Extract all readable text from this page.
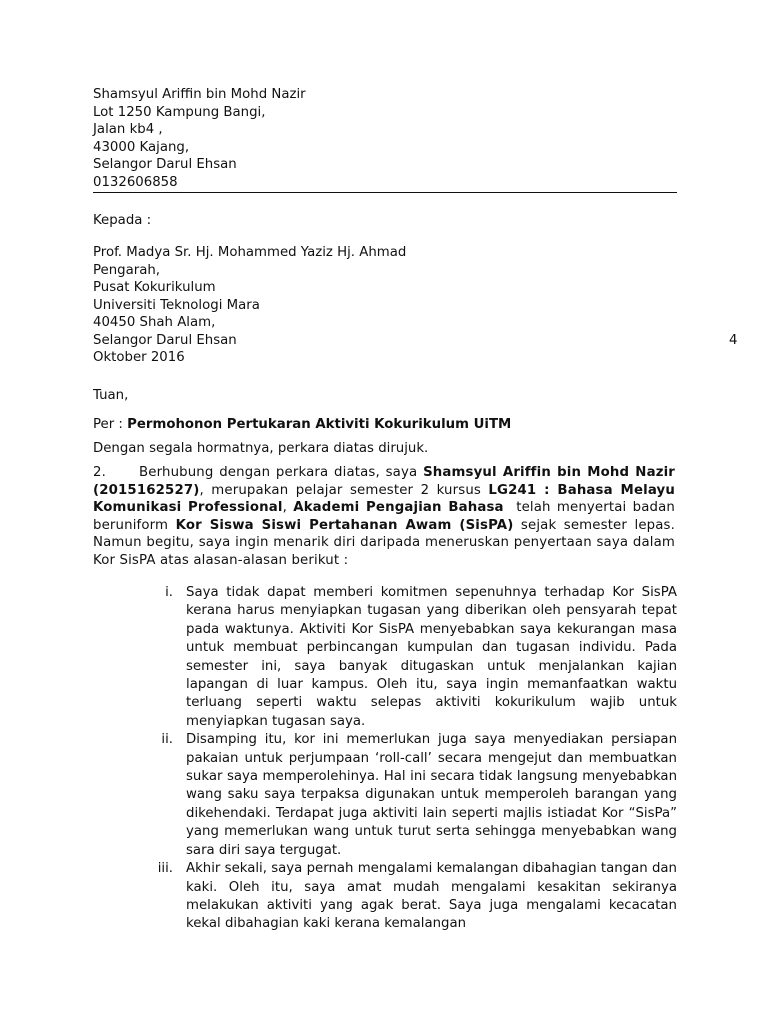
Shamsyul Ariffin bin Mohd Nazir
Lot 1250 Kampung Bangi,
Jalan kb4 ,
43000 Kajang,
Selangor Darul Ehsan
0132606858
Kepada :
Prof. Madya Sr. Hj. Mohammed Yaziz Hj. Ahmad
Pengarah,
Pusat Kokurikulum
Universiti Teknologi Mara
40450 Shah Alam,
Selangor Darul Ehsan	4
Oktober 2016
Tuan,
Per : Permohonon Pertukaran Aktiviti Kokurikulum UiTM
Dengan segala hormatnya, perkara diatas dirujuk.
2. Berhubung dengan perkara diatas, saya Shamsyul Ariffin bin Mohd Nazir (2015162527), merupakan pelajar semester 2 kursus LG241 : Bahasa Melayu Komunikasi Professional, Akademi Pengajian Bahasa telah menyertai badan beruniform Kor Siswa Siswi Pertahanan Awam (SisPA) sejak semester lepas. Namun begitu, saya ingin menarik diri daripada meneruskan penyertaan saya dalam Kor SisPA atas alasan-alasan berikut :
i. Saya tidak dapat memberi komitmen sepenuhnya terhadap Kor SisPA kerana harus menyiapkan tugasan yang diberikan oleh pensyarah tepat pada waktunya. Aktiviti Kor SisPA menyebabkan saya kekurangan masa untuk membuat perbincangan kumpulan dan tugasan individu. Pada semester ini, saya banyak ditugaskan untuk menjalankan kajian lapangan di luar kampus. Oleh itu, saya ingin memanfaatkan waktu terluang seperti waktu selepas aktiviti kokurikulum wajib untuk menyiapkan tugasan saya.
ii. Disamping itu, kor ini memerlukan juga saya menyediakan persiapan pakaian untuk perjumpaan ‘roll-call’ secara mengejut dan membuatkan sukar saya memperolehinya. Hal ini secara tidak langsung menyebabkan wang saku saya terpaksa digunakan untuk memperoleh barangan yang dikehendaki. Terdapat juga aktiviti lain seperti majlis istiadat Kor “SisPa” yang memerlukan wang untuk turut serta sehingga menyebabkan wang sara diri saya tergugat.
iii. Akhir sekali, saya pernah mengalami kemalangan dibahagian tangan dan kaki. Oleh itu, saya amat mudah mengalami kesakitan sekiranya melakukan aktiviti yang agak berat. Saya juga mengalami kecacatan kekal dibahagian kaki kerana kemalangan
